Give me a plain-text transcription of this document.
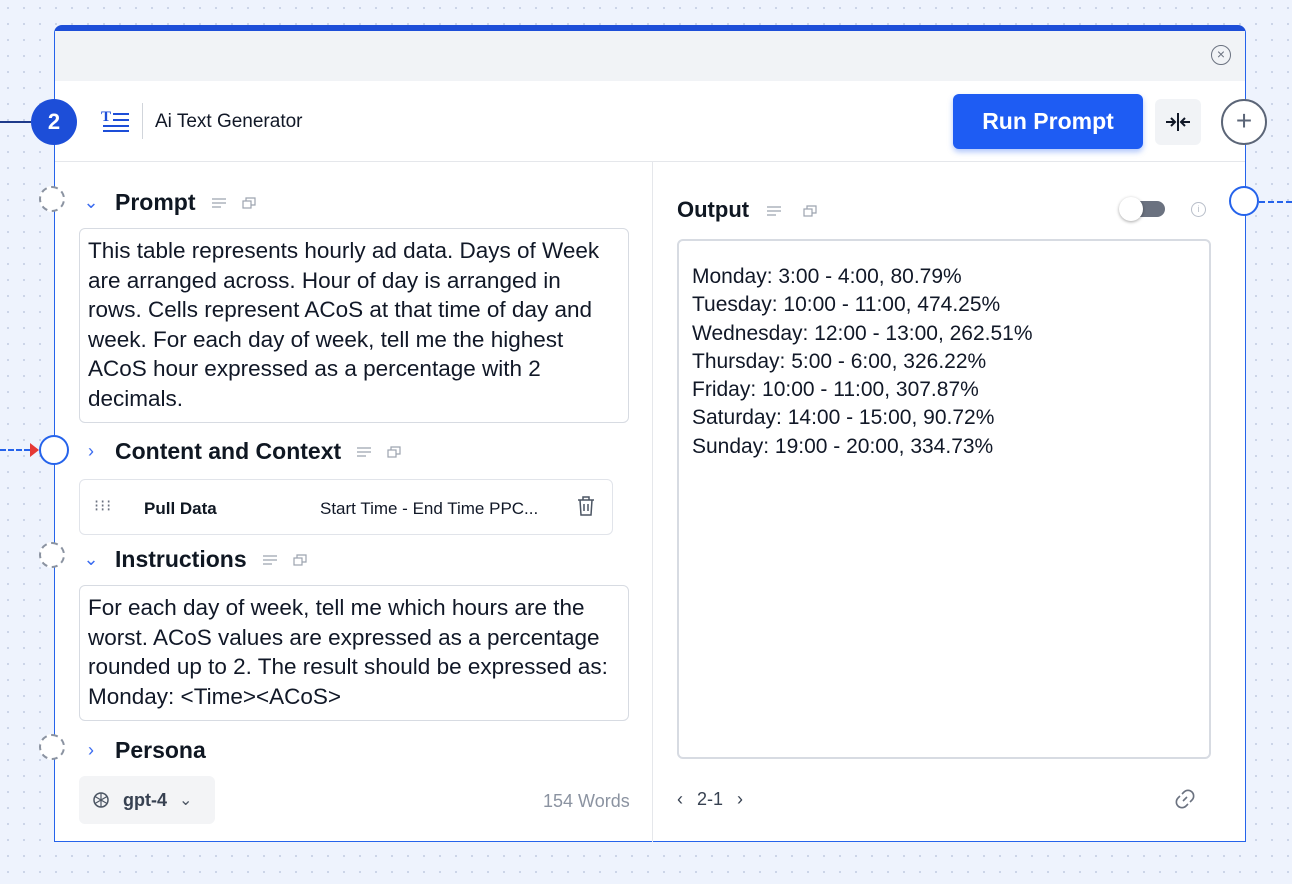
×
T Ai Text Generator	Run Prompt	+
⌄ Prompt
This table represents hourly ad data. Days of Week are arranged across. Hour of day is arranged in rows. Cells represent ACoS at that time of day and week. For each day of week, tell me the highest ACoS hour expressed as a percentage with 2 decimals.
› Content and Context
⁝⁝⁝ Pull Data	Start Time - End Time PPC...
⌄ Instructions
For each day of week, tell me which hours are the worst. ACoS values are expressed as a percentage rounded up to 2. The result should be expressed as: Monday: <Time><ACoS>
› Persona
gpt-4 ⌄	154 Words
Output	i
Monday: 3:00 - 4:00, 80.79%
Tuesday: 10:00 - 11:00, 474.25%
Wednesday: 12:00 - 13:00, 262.51%
Thursday: 5:00 - 6:00, 326.22%
Friday: 10:00 - 11:00, 307.87%
Saturday: 14:00 - 15:00, 90.72%
Sunday: 19:00 - 20:00, 334.73%
‹ 2-1 ›
2
